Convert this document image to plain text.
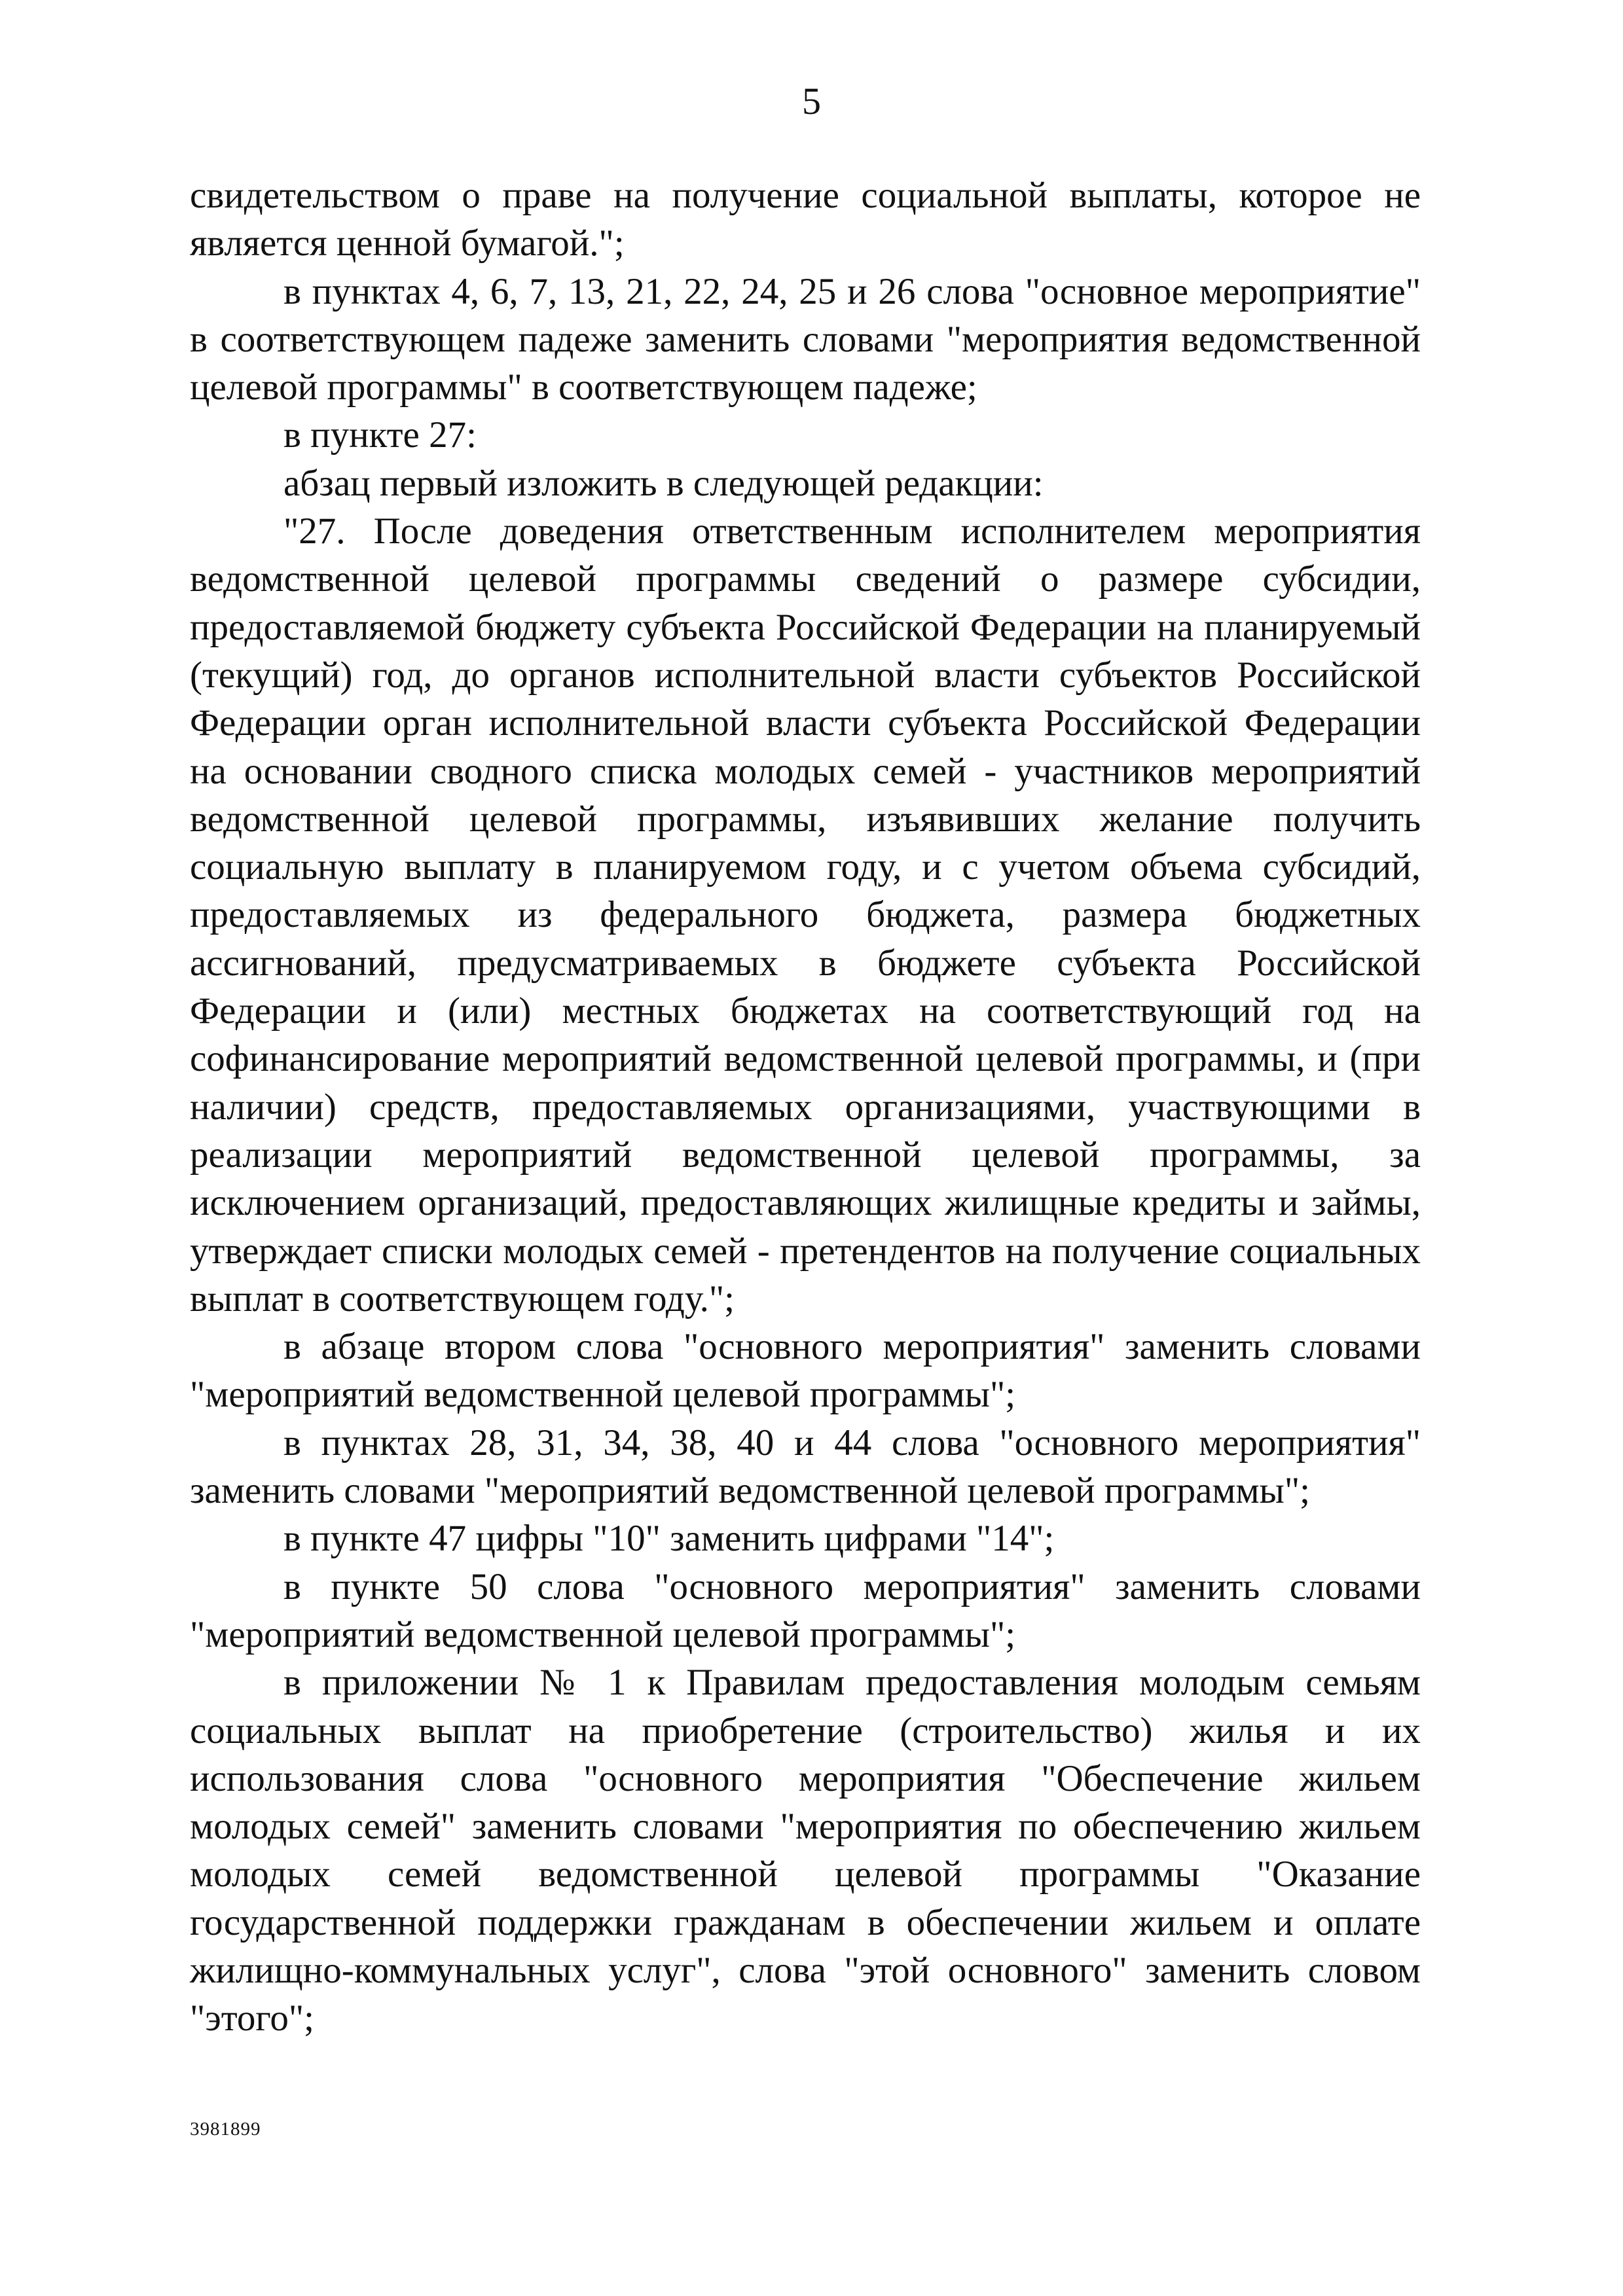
5

свидетельством о праве на получение социальной выплаты, которое не является ценной бумагой.";

в пунктах 4, 6, 7, 13, 21, 22, 24, 25 и 26 слова "основное мероприятие" в соответствующем падеже заменить словами "мероприятия ведомственной целевой программы" в соответствующем падеже;

в пункте 27:

абзац первый изложить в следующей редакции:

"27. После доведения ответственным исполнителем мероприятия ведомственной целевой программы сведений о размере субсидии, предоставляемой бюджету субъекта Российской Федерации на планируемый (текущий) год, до органов исполнительной власти субъектов Российской Федерации орган исполнительной власти субъекта Российской Федерации на основании сводного списка молодых семей - участников мероприятий ведомственной целевой программы, изъявивших желание получить социальную выплату в планируемом году, и с учетом объема субсидий, предоставляемых из федерального бюджета, размера бюджетных ассигнований, предусматриваемых в бюджете субъекта Российской Федерации и (или) местных бюджетах на соответствующий год на софинансирование мероприятий ведомственной целевой программы, и (при наличии) средств, предоставляемых организациями, участвующими в реализации мероприятий ведомственной целевой программы, за исключением организаций, предоставляющих жилищные кредиты и займы, утверждает списки молодых семей - претендентов на получение социальных выплат в соответствующем году.";

в абзаце втором слова "основного мероприятия" заменить словами "мероприятий ведомственной целевой программы";

в пунктах 28, 31, 34, 38, 40 и 44 слова "основного мероприятия" заменить словами "мероприятий ведомственной целевой программы";

в пункте 47 цифры "10" заменить цифрами "14";

в пункте 50 слова "основного мероприятия" заменить словами "мероприятий ведомственной целевой программы";

в приложении № 1 к Правилам предоставления молодым семьям социальных выплат на приобретение (строительство) жилья и их использования слова "основного мероприятия "Обеспечение жильем молодых семей" заменить словами "мероприятия по обеспечению жильем молодых семей ведомственной целевой программы "Оказание государственной поддержки гражданам в обеспечении жильем и оплате жилищно-коммунальных услуг", слова "этой основного" заменить словом "этого";

3981899
